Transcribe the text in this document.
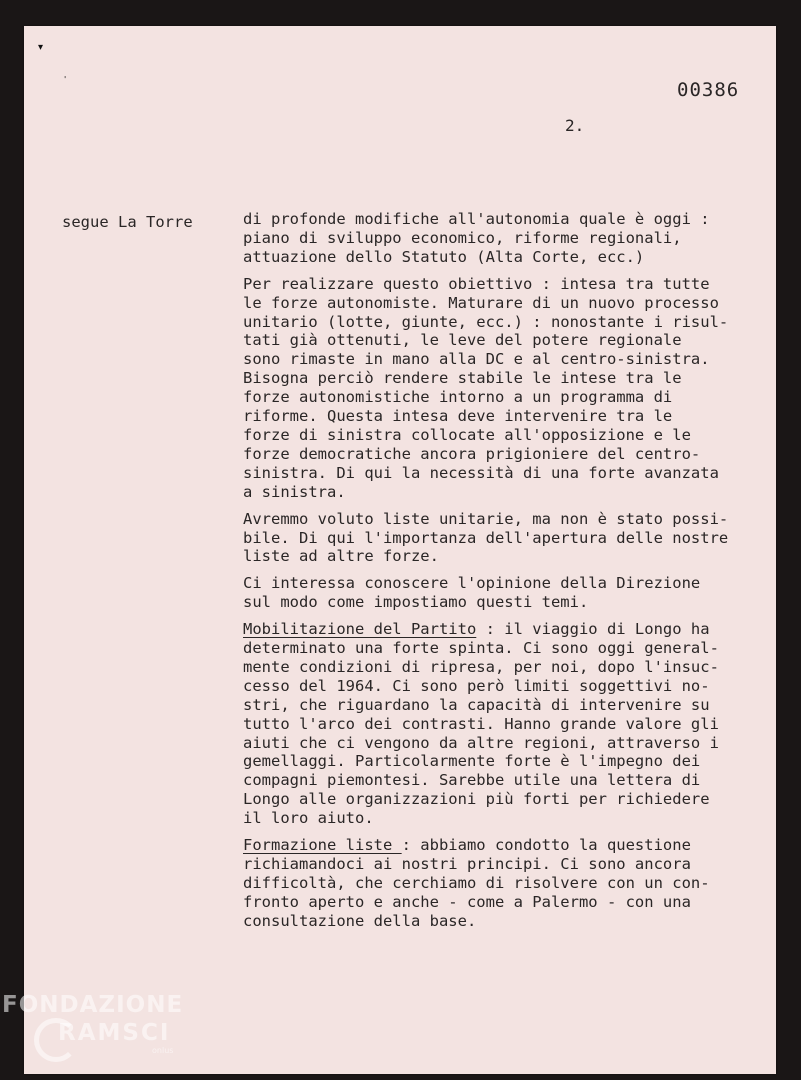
▾
'	00386
2.
segue La Torre	di profonde modifiche all'autonomia quale è oggi :
piano di sviluppo economico, riforme regionali,
attuazione dello Statuto (Alta Corte, ecc.)

Per realizzare questo obiettivo : intesa tra tutte
le forze autonomiste. Maturare di un nuovo processo
unitario (lotte, giunte, ecc.) : nonostante i risul-
tati già ottenuti, le leve del potere regionale
sono rimaste in mano alla DC e al centro-sinistra.
Bisogna perciò rendere stabile le intese tra le
forze autonomistiche intorno a un programma di
riforme. Questa intesa deve intervenire tra le
forze di sinistra collocate all'opposizione e le
forze democratiche ancora prigioniere del centro-
sinistra. Di qui la necessità di una forte avanzata
a sinistra.

Avremmo voluto liste unitarie, ma non è stato possi-
bile. Di qui l'importanza dell'apertura delle nostre
liste ad altre forze.

Ci interessa conoscere l'opinione della Direzione
sul modo come impostiamo questi temi.

Mobilitazione del Partito : il viaggio di Longo ha
determinato una forte spinta. Ci sono oggi general-
mente condizioni di ripresa, per noi, dopo l'insuc-
cesso del 1964. Ci sono però limiti soggettivi no-
stri, che riguardano la capacità di intervenire su
tutto l'arco dei contrasti. Hanno grande valore gli
aiuti che ci vengono da altre regioni, attraverso i
gemellaggi. Particolarmente forte è l'impegno dei
compagni piemontesi. Sarebbe utile una lettera di
Longo alle organizzazioni più forti per richiedere
il loro aiuto.

Formazione liste : abbiamo condotto la questione
richiamandoci ai nostri principi. Ci sono ancora
difficoltà, che cerchiamo di risolvere con un con-
fronto aperto e anche - come a Palermo - con una
consultazione della base.

FONDAZIONE
RAMSCI
onlus
